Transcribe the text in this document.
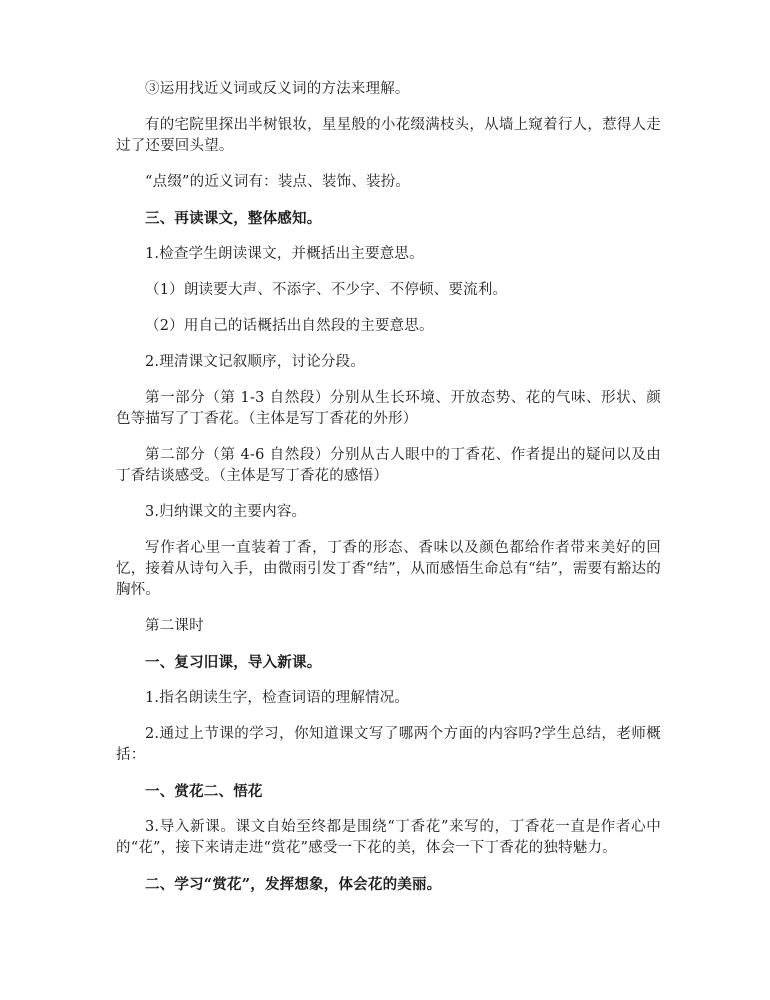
③运用找近义词或反义词的方法来理解。

有的宅院里探出半树银妆，星星般的小花缀满枝头，从墙上窥着行人，惹得人走过了还要回头望。

“点缀”的近义词有：装点、装饰、装扮。

三、再读课文，整体感知。

1.检查学生朗读课文，并概括出主要意思。

（1）朗读要大声、不添字、不少字、不停顿、要流利。

（2）用自己的话概括出自然段的主要意思。

2.理清课文记叙顺序，讨论分段。

第一部分（第 1-3 自然段）分别从生长环境、开放态势、花的气味、形状、颜色等描写了丁香花。（主体是写丁香花的外形）

第二部分（第 4-6 自然段）分别从古人眼中的丁香花、作者提出的疑问以及由丁香结谈感受。（主体是写丁香花的感悟）

3.归纳课文的主要内容。

写作者心里一直装着丁香，丁香的形态、香味以及颜色都给作者带来美好的回忆，接着从诗句入手，由微雨引发丁香“结”，从而感悟生命总有“结”，需要有豁达的胸怀。

第二课时

一、复习旧课，导入新课。

1.指名朗读生字，检查词语的理解情况。

2.通过上节课的学习，你知道课文写了哪两个方面的内容吗?学生总结，老师概括：

一、赏花二、悟花

3.导入新课。课文自始至终都是围绕“丁香花”来写的，丁香花一直是作者心中的“花”，接下来请走进“赏花”感受一下花的美，体会一下丁香花的独特魅力。

二、学习“赏花”，发挥想象，体会花的美丽。
